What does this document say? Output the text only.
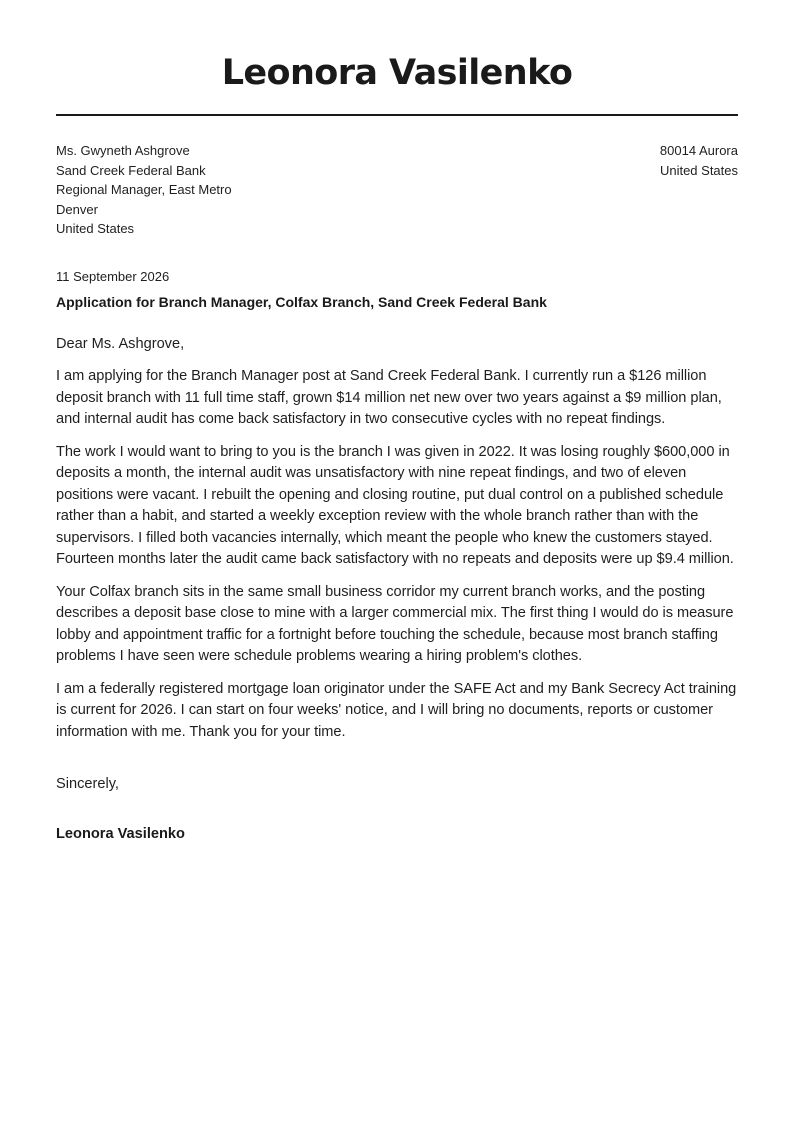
Leonora Vasilenko
Ms. Gwyneth Ashgrove
Sand Creek Federal Bank
Regional Manager, East Metro
Denver
United States
80014 Aurora
United States
11 September 2026
Application for Branch Manager, Colfax Branch, Sand Creek Federal Bank
Dear Ms. Ashgrove,

I am applying for the Branch Manager post at Sand Creek Federal Bank. I currently run a $126 million deposit branch with 11 full time staff, grown $14 million net new over two years against a $9 million plan, and internal audit has come back satisfactory in two consecutive cycles with no repeat findings.

The work I would want to bring to you is the branch I was given in 2022. It was losing roughly $600,000 in deposits a month, the internal audit was unsatisfactory with nine repeat findings, and two of eleven positions were vacant. I rebuilt the opening and closing routine, put dual control on a published schedule rather than a habit, and started a weekly exception review with the whole branch rather than with the supervisors. I filled both vacancies internally, which meant the people who knew the customers stayed. Fourteen months later the audit came back satisfactory with no repeats and deposits were up $9.4 million.

Your Colfax branch sits in the same small business corridor my current branch works, and the posting describes a deposit base close to mine with a larger commercial mix. The first thing I would do is measure lobby and appointment traffic for a fortnight before touching the schedule, because most branch staffing problems I have seen were schedule problems wearing a hiring problem's clothes.

I am a federally registered mortgage loan originator under the SAFE Act and my Bank Secrecy Act training is current for 2026. I can start on four weeks' notice, and I will bring no documents, reports or customer information with me. Thank you for your time.

Sincerely,
Leonora Vasilenko
